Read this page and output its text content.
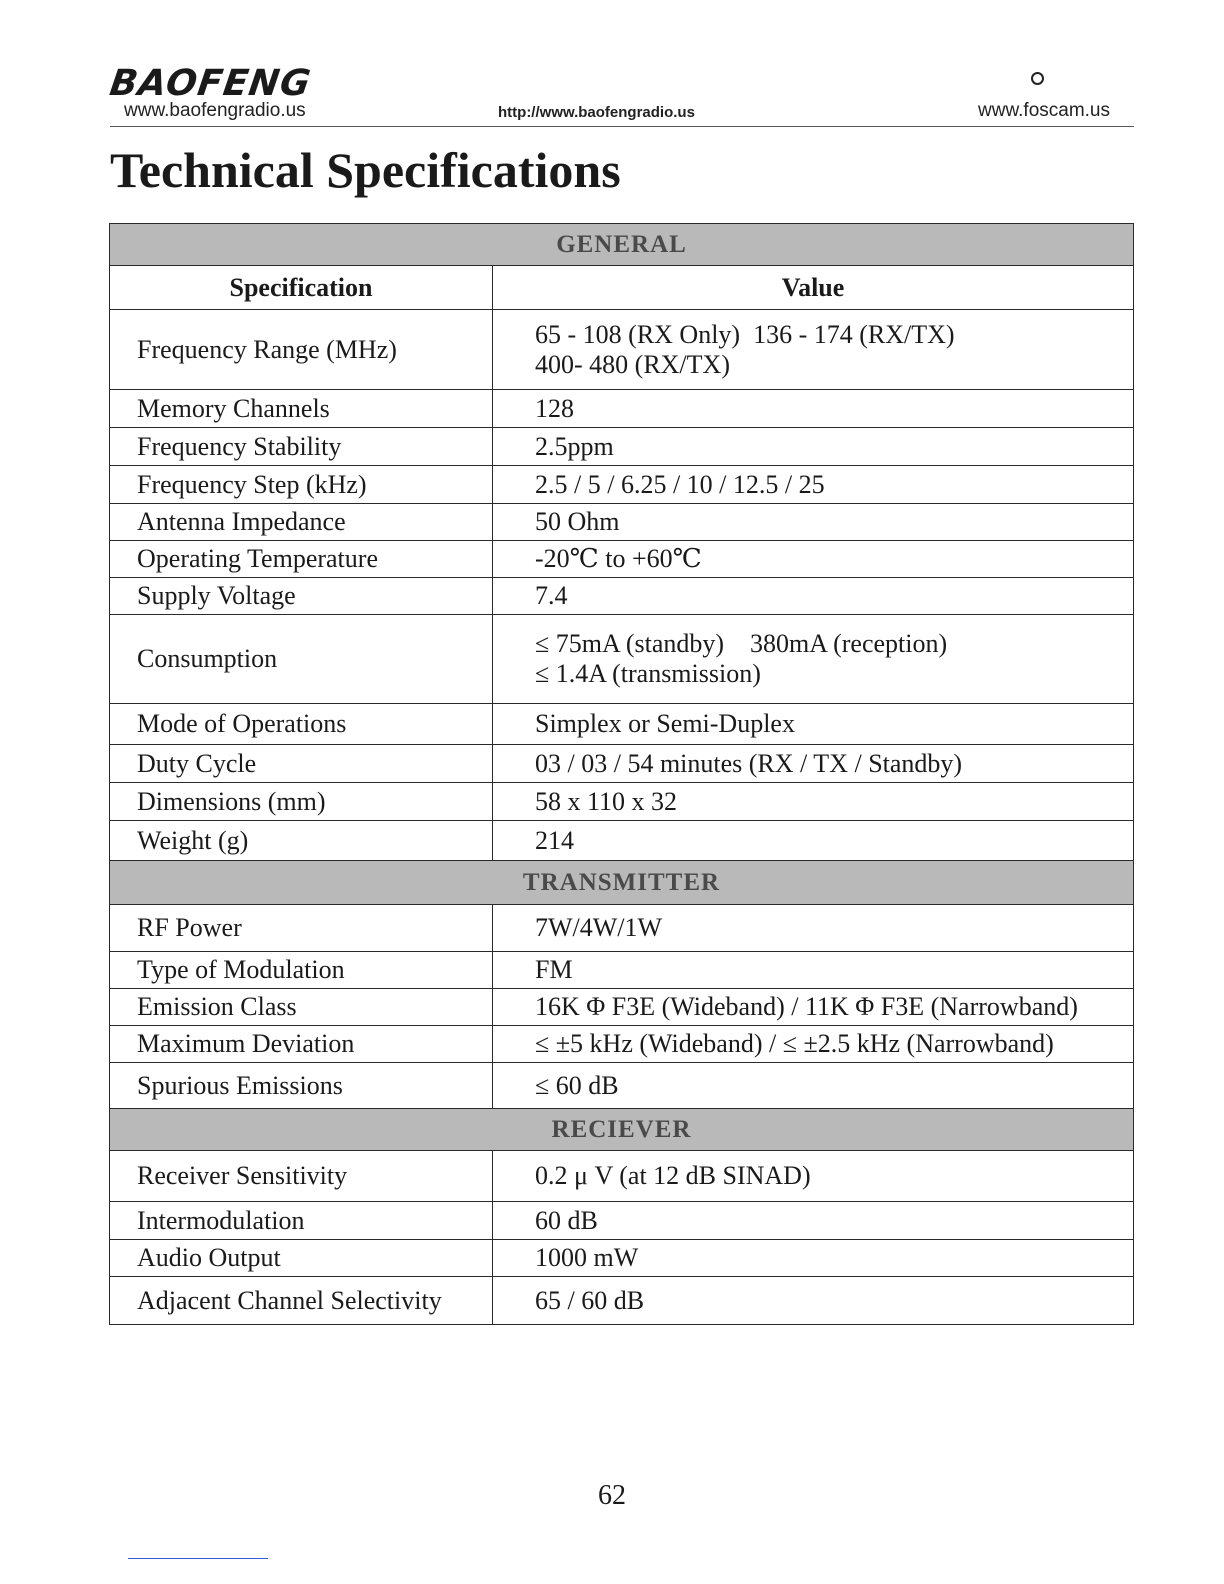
BAOFENG
www.baofengradio.us	http://www.baofengradio.us	www.foscam.us
Technical Specifications
GENERAL	
Specification	Value
Frequency Range (MHz)	65 - 108 (RX Only)  136 - 174 (RX/TX)
400- 480 (RX/TX)

Memory Channels	128

Frequency Stability	2.5ppm

Frequency Step (kHz)	2.5 / 5 / 6.25 / 10 / 12.5 / 25

Antenna Impedance	50 Ohm

Operating Temperature	-20℃ to +60℃

Supply Voltage	7.4

Consumption	≤ 75mA (standby)    380mA (reception)
≤ 1.4A (transmission)

Mode of Operations	Simplex or Semi-Duplex

Duty Cycle	03 / 03 / 54 minutes (RX / TX / Standby)

Dimensions (mm)	58 x 110 x 32

Weight (g)	214

TRANSMITTER	
RF Power	7W/4W/1W

Type of Modulation	FM

Emission Class	16K Φ F3E (Wideband) / 11K Φ F3E (Narrowband)

Maximum Deviation	≤ ±5 kHz (Wideband) / ≤ ±2.5 kHz (Narrowband)

Spurious Emissions	≤ 60 dB

RECIEVER	
Receiver Sensitivity	0.2 μ V (at 12 dB SINAD)

Intermodulation	60 dB

Audio Output	1000 mW

Adjacent Channel Selectivity	65 / 60 dB
62
